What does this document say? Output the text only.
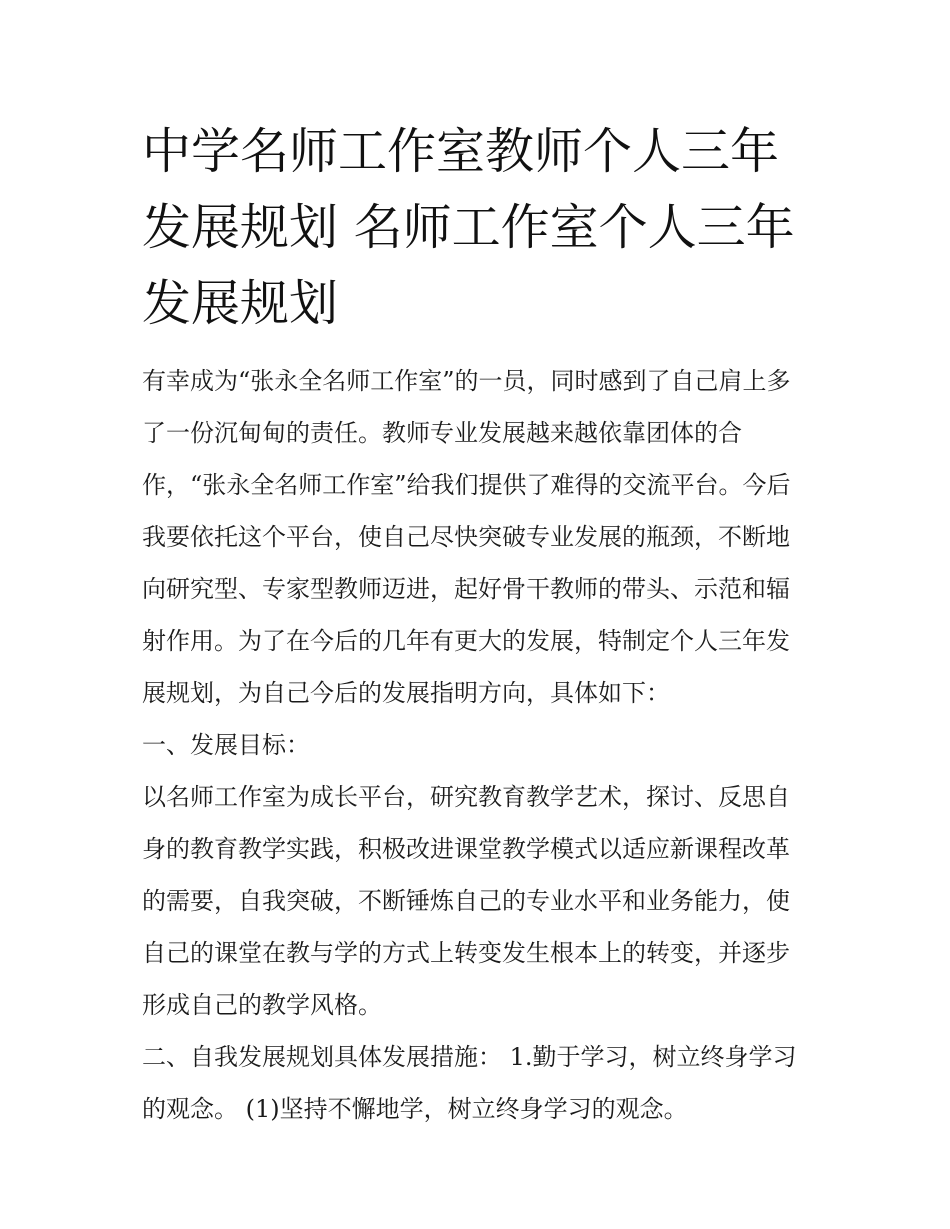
中学名师工作室教师个人三年
发展规划 名师工作室个人三年
发展规划
有幸成为“张永全名师工作室”的一员，同时感到了自己肩上多
了一份沉甸甸的责任。教师专业发展越来越依靠团体的合
作，“张永全名师工作室”给我们提供了难得的交流平台。今后
我要依托这个平台，使自己尽快突破专业发展的瓶颈，不断地
向研究型、专家型教师迈进，起好骨干教师的带头、示范和辐
射作用。为了在今后的几年有更大的发展，特制定个人三年发
展规划，为自己今后的发展指明方向，具体如下：
一、发展目标：
以名师工作室为成长平台，研究教育教学艺术，探讨、反思自
身的教育教学实践，积极改进课堂教学模式以适应新课程改革
的需要，自我突破，不断锤炼自己的专业水平和业务能力，使
自己的课堂在教与学的方式上转变发生根本上的转变，并逐步
形成自己的教学风格。
二、自我发展规划具体发展措施： 1.勤于学习，树立终身学习
的观念。 (1)坚持不懈地学，树立终身学习的观念。
